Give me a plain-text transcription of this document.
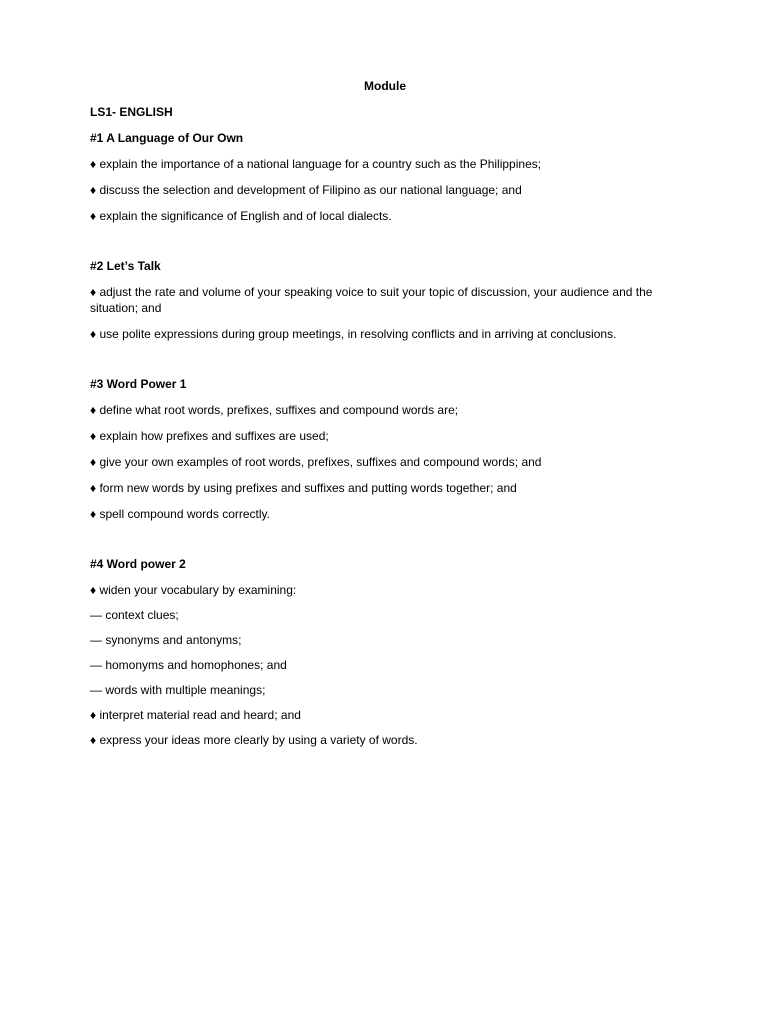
Module
LS1- ENGLISH
#1 A Language of Our Own
♦ explain the importance of a national language for a country such as the Philippines;
♦ discuss the selection and development of Filipino as our national language; and
♦ explain the significance of English and of local dialects.
#2 Let’s Talk
♦ adjust the rate and volume of your speaking voice to suit your topic of discussion, your audience and the situation; and
♦ use polite expressions during group meetings, in resolving conflicts and in arriving at conclusions.
#3 Word Power 1
♦ define what root words, prefixes, suffixes and compound words are;
♦ explain how prefixes and suffixes are used;
♦ give your own examples of root words, prefixes, suffixes and compound words; and
♦ form new words by using prefixes and suffixes and putting words together; and
♦ spell compound words correctly.
#4 Word power 2
♦ widen your vocabulary by examining:
— context clues;
— synonyms and antonyms;
— homonyms and homophones; and
— words with multiple meanings;
♦ interpret material read and heard; and
♦ express your ideas more clearly by using a variety of words.
